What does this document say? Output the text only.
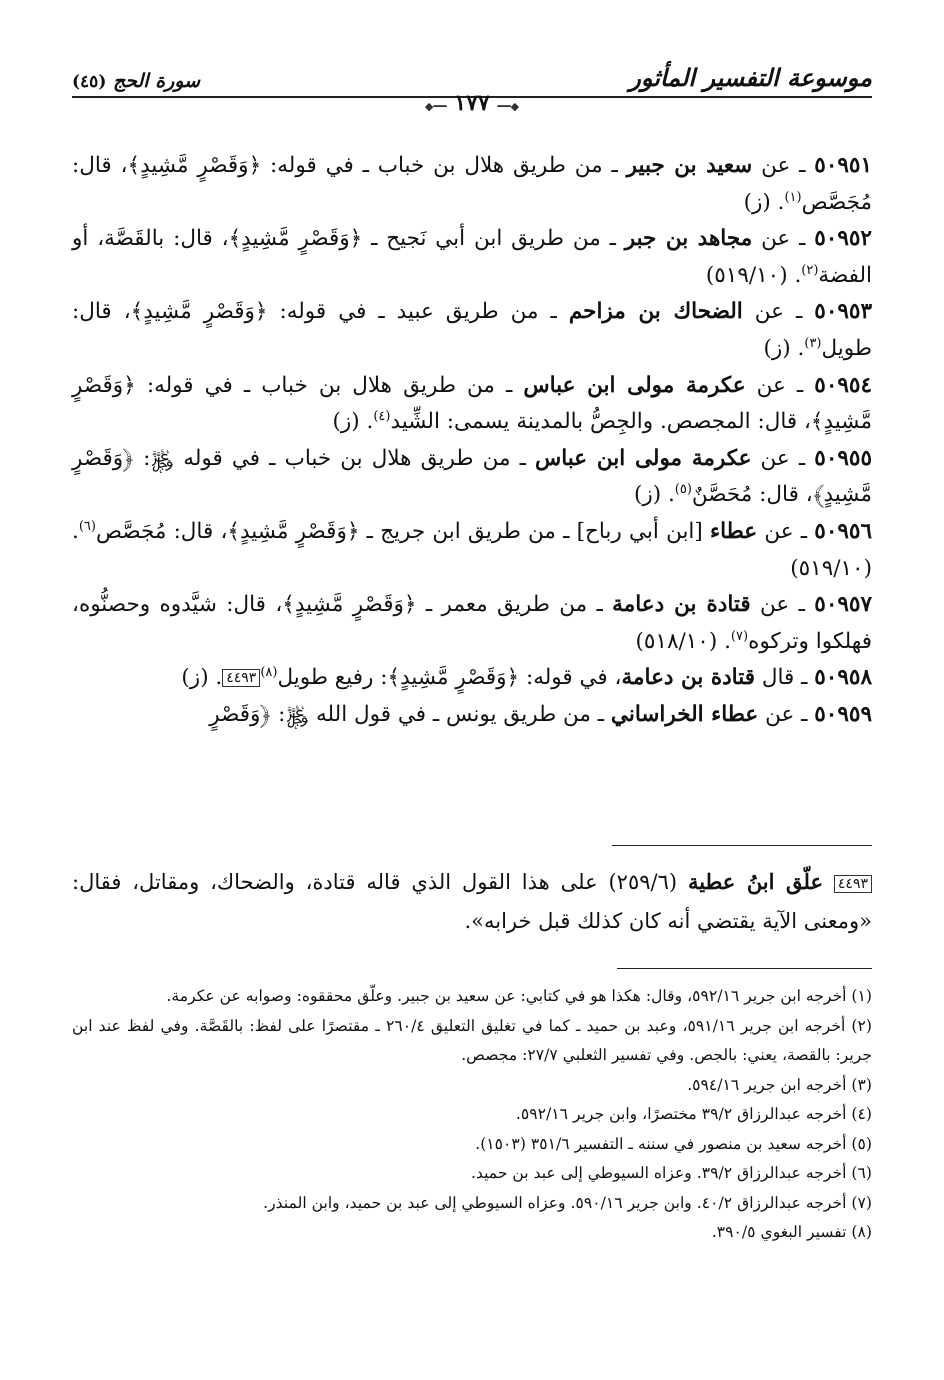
موسوعة التفسير المأثور
سورة الحج (٤٥)
◆━━ ١٧٧ ━━◆

٥٠٩٥١ ـ عن سعيد بن جبير ـ من طريق هلال بن خباب ـ في قوله: ﴿وَقَصْرٍ مَّشِيدٍ﴾، قال: مُجَصَّص$^{(١)}$. (ز)

٥٠٩٥٢ ـ عن مجاهد بن جبر ـ من طريق ابن أبي نَجيح ـ ﴿وَقَصْرٍ مَّشِيدٍ﴾، قال: بالقَصَّة، أو الفضة$^{(٢)}$. (٥١٩/١٠)

٥٠٩٥٣ ـ عن الضحاك بن مزاحم ـ من طريق عبيد ـ في قوله: ﴿وَقَصْرٍ مَّشِيدٍ﴾، قال: طويل$^{(٣)}$. (ز)

٥٠٩٥٤ ـ عن عكرمة مولى ابن عباس ـ من طريق هلال بن خباب ـ في قوله: ﴿وَقَصْرٍ مَّشِيدٍ﴾، قال: المجصص. والجِصُّ بالمدينة يسمى: الشِّيد$^{(٤)}$. (ز)

٥٠٩٥٥ ـ عن عكرمة مولى ابن عباس ـ من طريق هلال بن خباب ـ في قوله ﷿: ﴿وَقَصْرٍ مَّشِيدٍ﴾، قال: مُحَصَّنٌ$^{(٥)}$. (ز)

٥٠٩٥٦ ـ عن عطاء [ابن أبي رباح] ـ من طريق ابن جريج ـ ﴿وَقَصْرٍ مَّشِيدٍ﴾، قال: مُجَصَّص$^{(٦)}$. (٥١٩/١٠)

٥٠٩٥٧ ـ عن قتادة بن دعامة ـ من طريق معمر ـ ﴿وَقَصْرٍ مَّشِيدٍ﴾، قال: شيَّدوه وحصنُّوه، فهلكوا وتركوه$^{(٧)}$. (٥١٨/١٠)

٥٠٩٥٨ ـ قال قتادة بن دعامة، في قوله: ﴿وَقَصْرٍ مَّشِيدٍ﴾: رفيع طويل$^{(٨)}$٤٤٩٣. (ز)

٥٠٩٥٩ ـ عن عطاء الخراساني ـ من طريق يونس ـ في قول الله ﷿: ﴿وَقَصْرٍ

٤٤٩٣ علّق ابنُ عطية (٢٥٩/٦) على هذا القول الذي قاله قتادة، والضحاك، ومقاتل، فقال: «ومعنى الآية يقتضي أنه كان كذلك قبل خرابه».

(١) أخرجه ابن جرير ٥٩٢/١٦، وقال: هكذا هو في كتابي: عن سعيد بن جبير. وعلّق محققوه: وصوابه عن عكرمة.

(٢) أخرجه ابن جرير ٥٩١/١٦، وعبد بن حميد ـ كما في تغليق التعليق ٢٦٠/٤ ـ مقتصرًا على لفظ: بالقَصَّة. وفي لفظ عند ابن جرير: بالقصة، يعني: بالجص. وفي تفسير الثعلبي ٢٧/٧: مجصص.

(٣) أخرجه ابن جرير ٥٩٤/١٦.

(٤) أخرجه عبدالرزاق ٣٩/٢ مختصرًا، وابن جرير ٥٩٢/١٦.

(٥) أخرجه سعيد بن منصور في سننه ـ التفسير ٣٥١/٦ (١٥٠٣).

(٦) أخرجه عبدالرزاق ٣٩/٢. وعزاه السيوطي إلى عبد بن حميد.

(٧) أخرجه عبدالرزاق ٤٠/٢. وابن جرير ٥٩٠/١٦. وعزاه السيوطي إلى عبد بن حميد، وابن المنذر.

(٨) تفسير البغوي ٣٩٠/٥.
